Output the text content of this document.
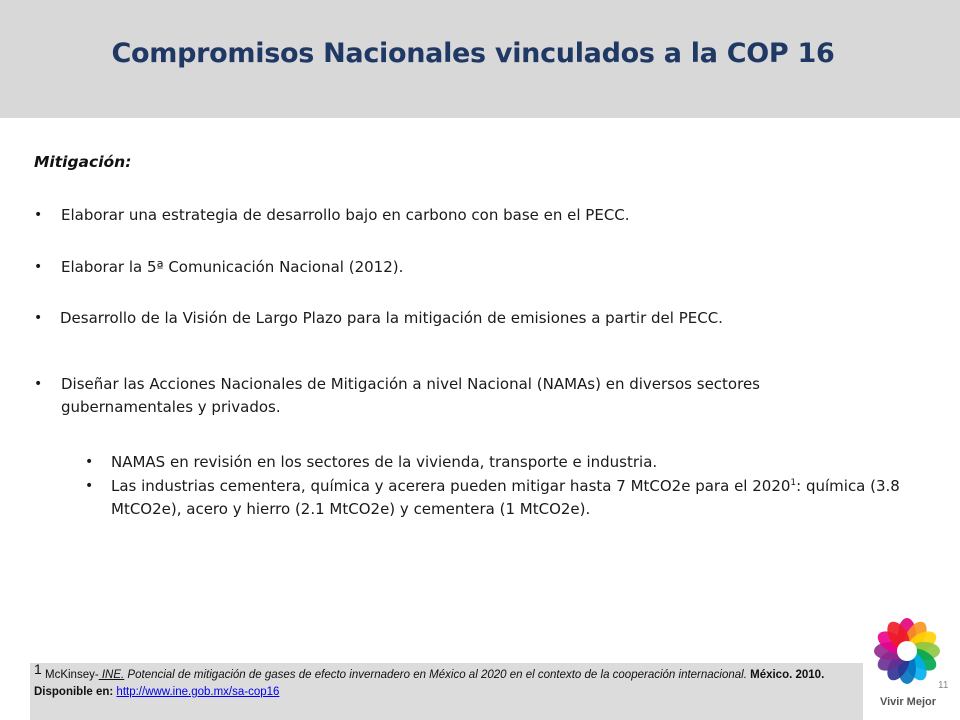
Compromisos Nacionales vinculados a la COP 16
Mitigación:
• Elaborar una estrategia de desarrollo bajo en carbono con base en el PECC.
• Elaborar la 5ª Comunicación Nacional (2012).
• Desarrollo de la Visión de Largo Plazo para la mitigación de emisiones a partir del PECC.
• Diseñar las Acciones Nacionales de Mitigación a nivel Nacional (NAMAs) en diversos sectores gubernamentales y privados.
• NAMAS en revisión en los sectores de la vivienda, transporte e industria.
• Las industrias cementera, química y acerera pueden mitigar hasta 7 MtCO2e para el 2020$^1$: química (3.8 MtCO2e), acero y hierro (2.1 MtCO2e) y cementera (1 MtCO2e).
1 McKinsey- INE. Potencial de mitigación de gases de efecto invernadero en México al 2020 en el contexto de la cooperación internacional. México. 2010. Disponible en: http://www.ine.gob.mx/sa-cop16
11
Vivir Mejor
